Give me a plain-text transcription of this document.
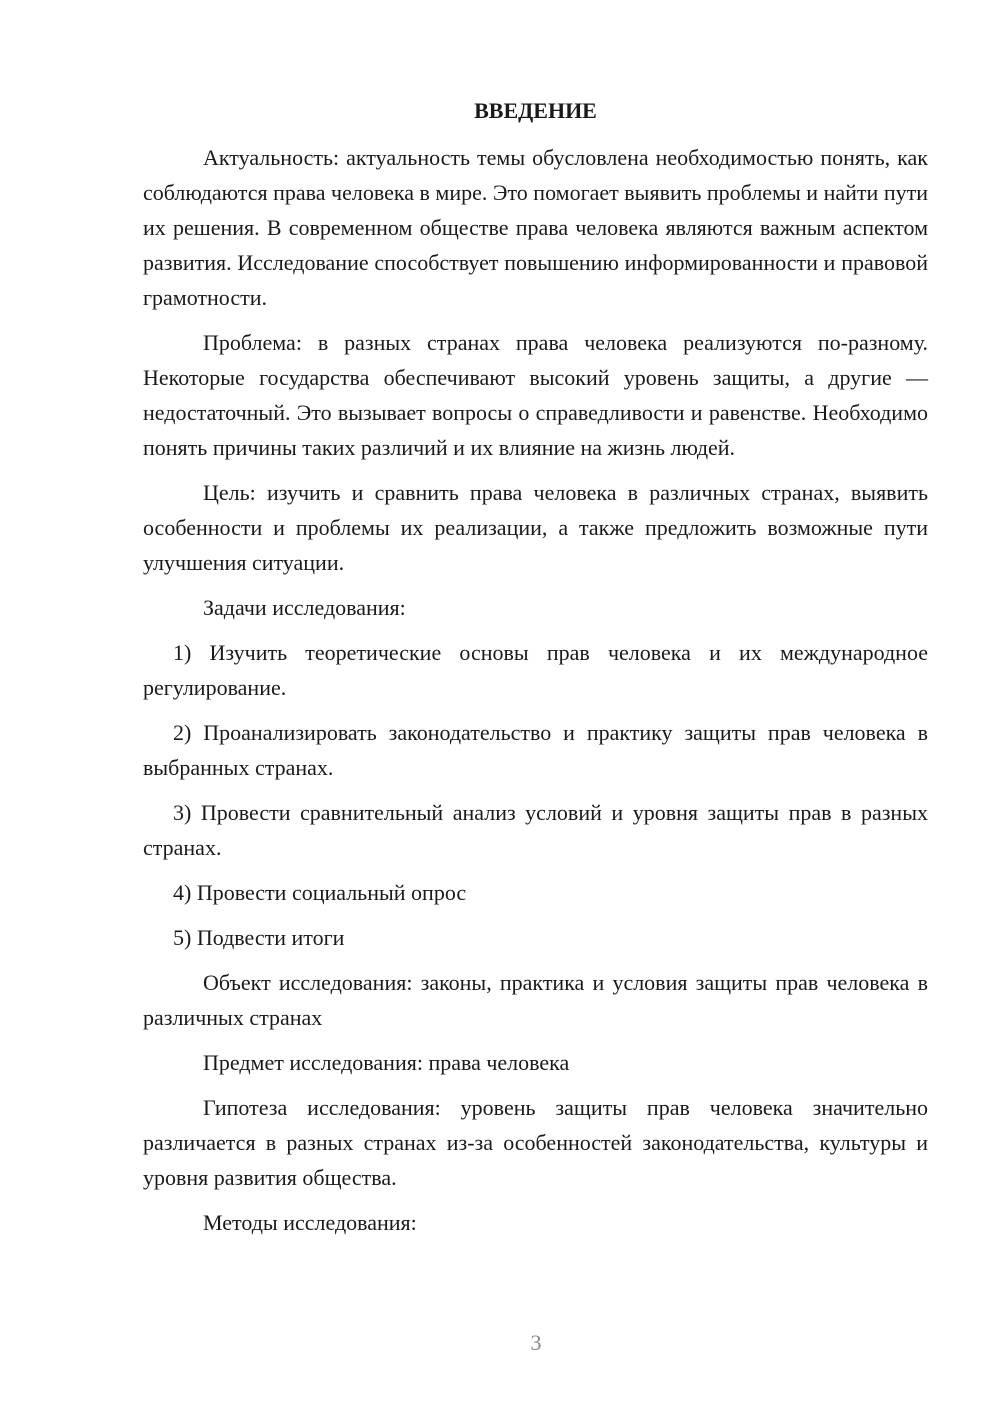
ВВЕДЕНИЕ

Актуальность: актуальность темы обусловлена необходимостью понять, как соблюдаются права человека в мире. Это помогает выявить проблемы и найти пути их решения. В современном обществе права человека являются важным аспектом развития. Исследование способствует повышению информированности и правовой грамотности.

Проблема: в разных странах права человека реализуются по-разному. Некоторые государства обеспечивают высокий уровень защиты, а другие — недостаточный. Это вызывает вопросы о справедливости и равенстве. Необходимо понять причины таких различий и их влияние на жизнь людей.

Цель: изучить и сравнить права человека в различных странах, выявить особенности и проблемы их реализации, а также предложить возможные пути улучшения ситуации.

Задачи исследования:

1) Изучить теоретические основы прав человека и их международное регулирование.

2) Проанализировать законодательство и практику защиты прав человека в выбранных странах.

3) Провести сравнительный анализ условий и уровня защиты прав в разных странах.

4) Провести социальный опрос

5) Подвести итоги

Объект исследования: законы, практика и условия защиты прав человека в различных странах

Предмет исследования: права человека

Гипотеза исследования: уровень защиты прав человека значительно различается в разных странах из-за особенностей законодательства, культуры и уровня развития общества.

Методы исследования:

3
